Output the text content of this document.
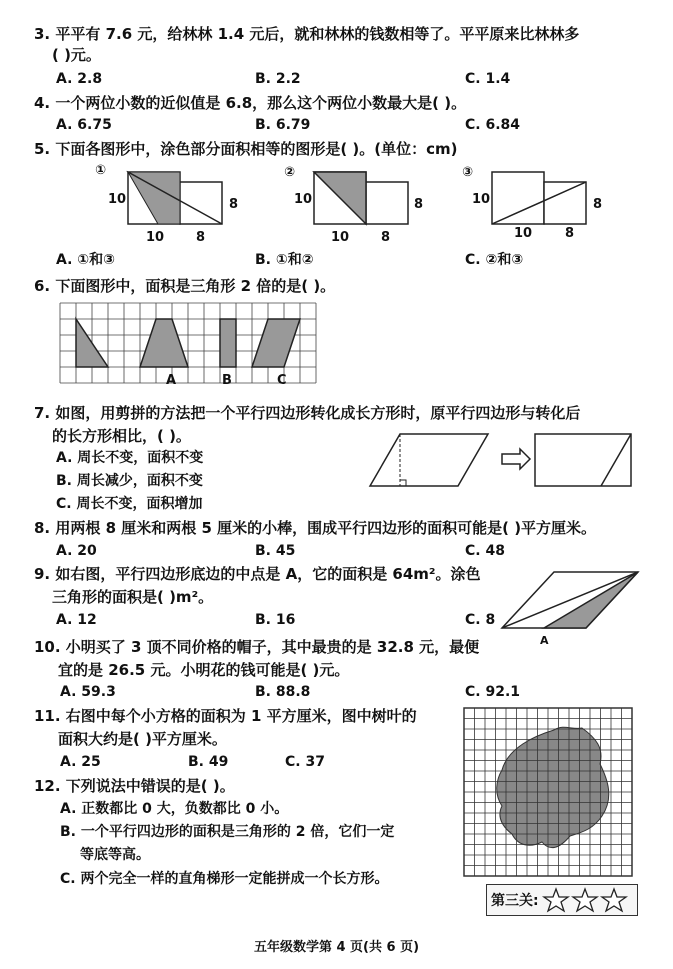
3. 平平有 7.6 元，给林林 1.4 元后，就和林林的钱数相等了。平平原来比林林多
( )元。
A. 2.8	B. 2.2	C. 1.4
4. 一个两位小数的近似值是 6.8，那么这个两位小数最大是( )。
A. 6.75	B. 6.79	C. 6.84
5. 下面各图形中，涂色部分面积相等的图形是( )。(单位：cm)
①
10	8
10 8
②
10	8
10 8
③
10	8
10	8
A. ①和③	B. ①和②	C. ②和③
6. 下面图形中，面积是三角形 2 倍的是( )。
A	B	C
7. 如图，用剪拼的方法把一个平行四边形转化成长方形时，原平行四边形与转化后
的长方形相比，( )。
A. 周长不变，面积不变
B. 周长减少，面积不变
C. 周长不变，面积增加
8. 用两根 8 厘米和两根 5 厘米的小棒，围成平行四边形的面积可能是( )平方厘米。
A. 20	B. 45	C. 48
9. 如右图，平行四边形底边的中点是 A，它的面积是 64m²。涂色
三角形的面积是( )m²。
A. 12	B. 16	C. 8
A
10. 小明买了 3 顶不同价格的帽子，其中最贵的是 32.8 元，最便
宜的是 26.5 元。小明花的钱可能是( )元。
A. 59.3	B. 88.8	C. 92.1
11. 右图中每个小方格的面积为 1 平方厘米，图中树叶的
面积大约是( )平方厘米。
A. 25	B. 49	C. 37
12. 下列说法中错误的是( )。
A. 正数都比 0 大，负数都比 0 小。
B. 一个平行四边形的面积是三角形的 2 倍，它们一定
等底等高。
C. 两个完全一样的直角梯形一定能拼成一个长方形。
第三关:
五年级数学第 4 页(共 6 页)
